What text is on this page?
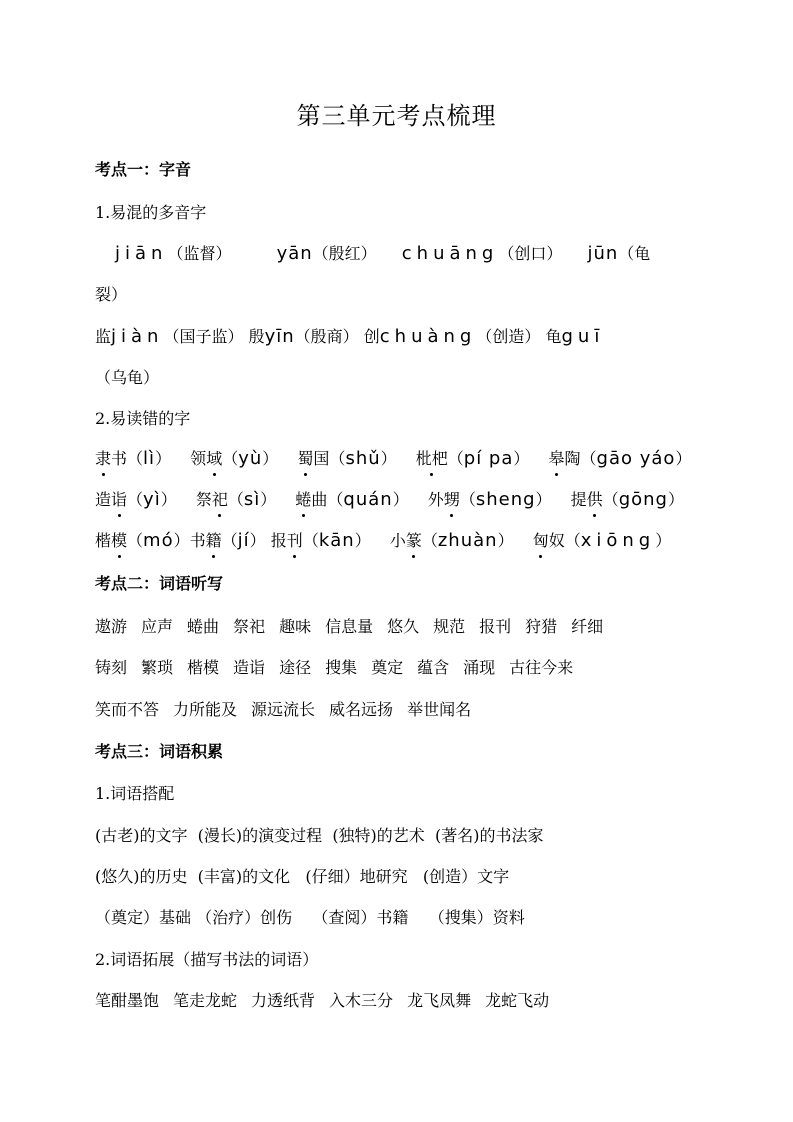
第三单元考点梳理
考点一：字音
1.易混的多音字
jiān（监督）	yān（殷红） chuāng（创口） jūn（龟
裂）
监jiàn（国子监） 殷yīn（殷商） 创chuàng（创造） 龟guī
（乌龟）
2.易读错的字
隶书（lì） 领域（yù） 蜀国（shǔ） 枇杷（pí pa） 皋陶（gāo yáo）
造诣（yì） 祭祀（sì） 蜷曲（quán） 外甥（sheng） 提供（gōng）
楷模（mó）书籍（jí） 报刊（kān） 小篆（zhuàn） 匈奴（xiōng）
考点二：词语听写
遨游 应声 蜷曲 祭祀 趣味 信息量 悠久 规范 报刊 狩猎 纤细
铸刻 繁琐 楷模 造诣 途径 搜集 奠定 蕴含 涌现 古往今来
笑而不答 力所能及 源远流长 威名远扬 举世闻名
考点三：词语积累
1.词语搭配
(古老)的文字  (漫长)的演变过程  (独特)的艺术  (著名)的书法家
(悠久)的历史  (丰富)的文化   (仔细）地研究   (创造）文字
（奠定）基础 （治疗）创伤    （查阅）书籍    （搜集）资料
2.词语拓展（描写书法的词语）
笔酣墨饱 笔走龙蛇 力透纸背 入木三分 龙飞凤舞 龙蛇飞动
